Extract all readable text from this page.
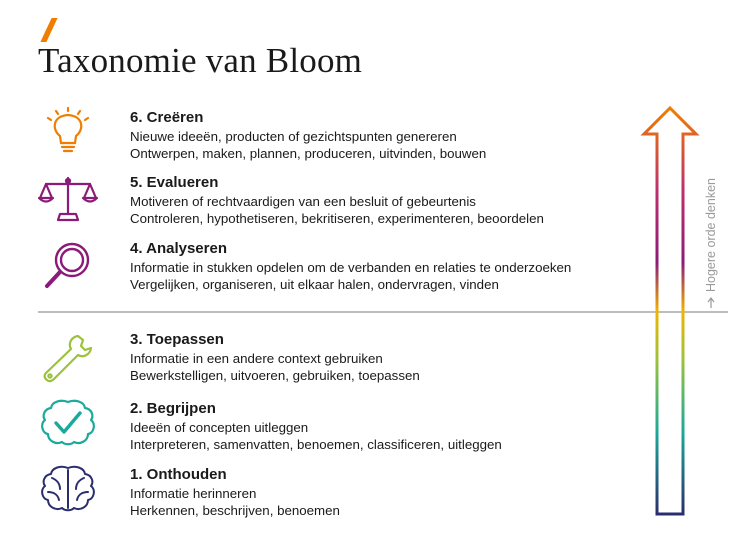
Taxonomie van Bloom
6. Creëren
Nieuwe ideeën, producten of gezichtspunten genereren
Ontwerpen, maken, plannen, produceren, uitvinden, bouwen
5. Evalueren
Motiveren of rechtvaardigen van een besluit of gebeurtenis
Controleren, hypothetiseren, bekritiseren, experimenteren, beoordelen
4. Analyseren
Informatie in stukken opdelen om de verbanden en relaties te onderzoeken
Vergelijken, organiseren, uit elkaar halen, ondervragen, vinden
3. Toepassen
Informatie in een andere context gebruiken
Bewerkstelligen, uitvoeren, gebruiken, toepassen
2. Begrijpen
Ideeën of concepten uitleggen
Interpreteren, samenvatten, benoemen, classificeren, uitleggen
1. Onthouden
Informatie herinneren
Herkennen, beschrijven, benoemen
Hogere orde denken
